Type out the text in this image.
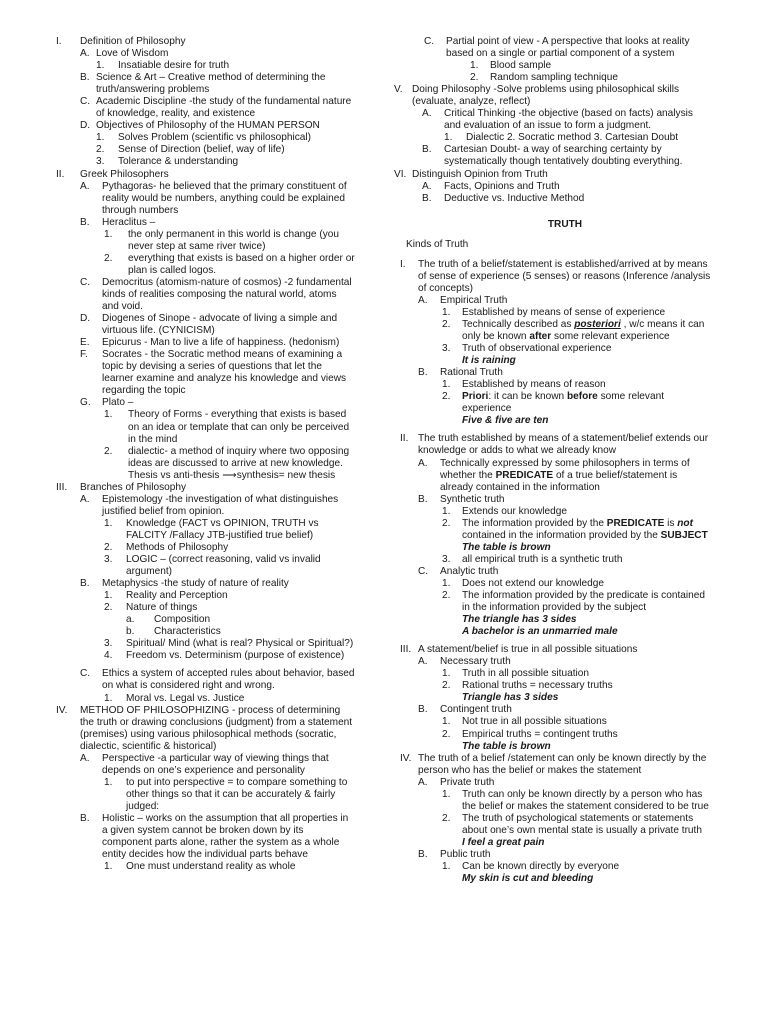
I. Definition of Philosophy
A. Love of Wisdom
1. Insatiable desire for truth
B. Science & Art – Creative method of determining the
truth/answering problems
C. Academic Discipline -the study of the fundamental nature
of knowledge, reality, and existence
D. Objectives of Philosophy of the HUMAN PERSON
1. Solves Problem (scientific vs philosophical)
2. Sense of Direction (belief, way of life)
3. Tolerance & understanding
II. Greek Philosophers
A. Pythagoras- he believed that the primary constituent of
reality would be numbers, anything could be explained
through numbers
B. Heraclitus –
1. the only permanent in this world is change (you
never step at same river twice)
2. everything that exists is based on a higher order or
plan is called logos.
C. Democritus (atomism-nature of cosmos) -2 fundamental
kinds of realities composing the natural world, atoms
and void.
D. Diogenes of Sinope - advocate of living a simple and
virtuous life. (CYNICISM)
E. Epicurus - Man to live a life of happiness. (hedonism)
F. Socrates - the Socratic method means of examining a
topic by devising a series of questions that let the
learner examine and analyze his knowledge and views
regarding the topic
G. Plato –
1. Theory of Forms - everything that exists is based
on an idea or template that can only be perceived
in the mind
2. dialectic- a method of inquiry where two opposing
ideas are discussed to arrive at new knowledge.
Thesis vs anti-thesis ⟶synthesis= new thesis
III. Branches of Philosophy
A. Epistemology -the investigation of what distinguishes
justified belief from opinion.
1. Knowledge (FACT vs OPINION, TRUTH vs
FALCITY /Fallacy JTB-justified true belief)
2. Methods of Philosophy
3. LOGIC – (correct reasoning, valid vs invalid
argument)
B. Metaphysics -the study of nature of reality
1. Reality and Perception
2. Nature of things
a. Composition
b. Characteristics
3. Spiritual/ Mind (what is real? Physical or Spiritual?)
4. Freedom vs. Determinism (purpose of existence)
C. Ethics a system of accepted rules about behavior, based
on what is considered right and wrong.
1. Moral vs. Legal vs. Justice
IV. METHOD OF PHILOSOPHIZING - process of determining
the truth or drawing conclusions (judgment) from a statement
(premises) using various philosophical methods (socratic,
dialectic, scientific & historical)
A. Perspective -a particular way of viewing things that
depends on one’s experience and personality
1. to put into perspective = to compare something to
other things so that it can be accurately & fairly
judged:
B. Holistic – works on the assumption that all properties in
a given system cannot be broken down by its
component parts alone, rather the system as a whole
entity decides how the individual parts behave
1. One must understand reality as whole
C. Partial point of view - A perspective that looks at reality
based on a single or partial component of a system
1. Blood sample
2. Random sampling technique
V. Doing Philosophy -Solve problems using philosophical skills
(evaluate, analyze, reflect)
A. Critical Thinking -the objective (based on facts) analysis
and evaluation of an issue to form a judgment.
1. Dialectic 2. Socratic method 3. Cartesian Doubt
B. Cartesian Doubt- a way of searching certainty by
systematically though tentatively doubting everything.
VI. Distinguish Opinion from Truth
A. Facts, Opinions and Truth
B. Deductive vs. Inductive Method
TRUTH
Kinds of Truth
I. The truth of a belief/statement is established/arrived at by means
of sense of experience (5 senses) or reasons (Inference /analysis
of concepts)
A. Empirical Truth
1. Established by means of sense of experience
2. Technically described as posteriori , w/c means it can
only be known after some relevant experience
3. Truth of observational experience
It is raining
B. Rational Truth
1. Established by means of reason
2. Priori: it can be known before some relevant
experience
Five & five are ten
II. The truth established by means of a statement/belief extends our
knowledge or adds to what we already know
A. Technically expressed by some philosophers in terms of
whether the PREDICATE of a true belief/statement is
already contained in the information
B. Synthetic truth
1. Extends our knowledge
2. The information provided by the PREDICATE is not
contained in the information provided by the SUBJECT
The table is brown
3. all empirical truth is a synthetic truth
C. Analytic truth
1. Does not extend our knowledge
2. The information provided by the predicate is contained
in the information provided by the subject
The triangle has 3 sides
A bachelor is an unmarried male
III. A statement/belief is true in all possible situations
A. Necessary truth
1. Truth in all possible situation
2. Rational truths = necessary truths
Triangle has 3 sides
B. Contingent truth
1. Not true in all possible situations
2. Empirical truths = contingent truths
The table is brown
IV. The truth of a belief /statement can only be known directly by the
person who has the belief or makes the statement
A. Private truth
1. Truth can only be known directly by a person who has
the belief or makes the statement considered to be true
2. The truth of psychological statements or statements
about one’s own mental state is usually a private truth
I feel a great pain
B. Public truth
1. Can be known directly by everyone
My skin is cut and bleeding
